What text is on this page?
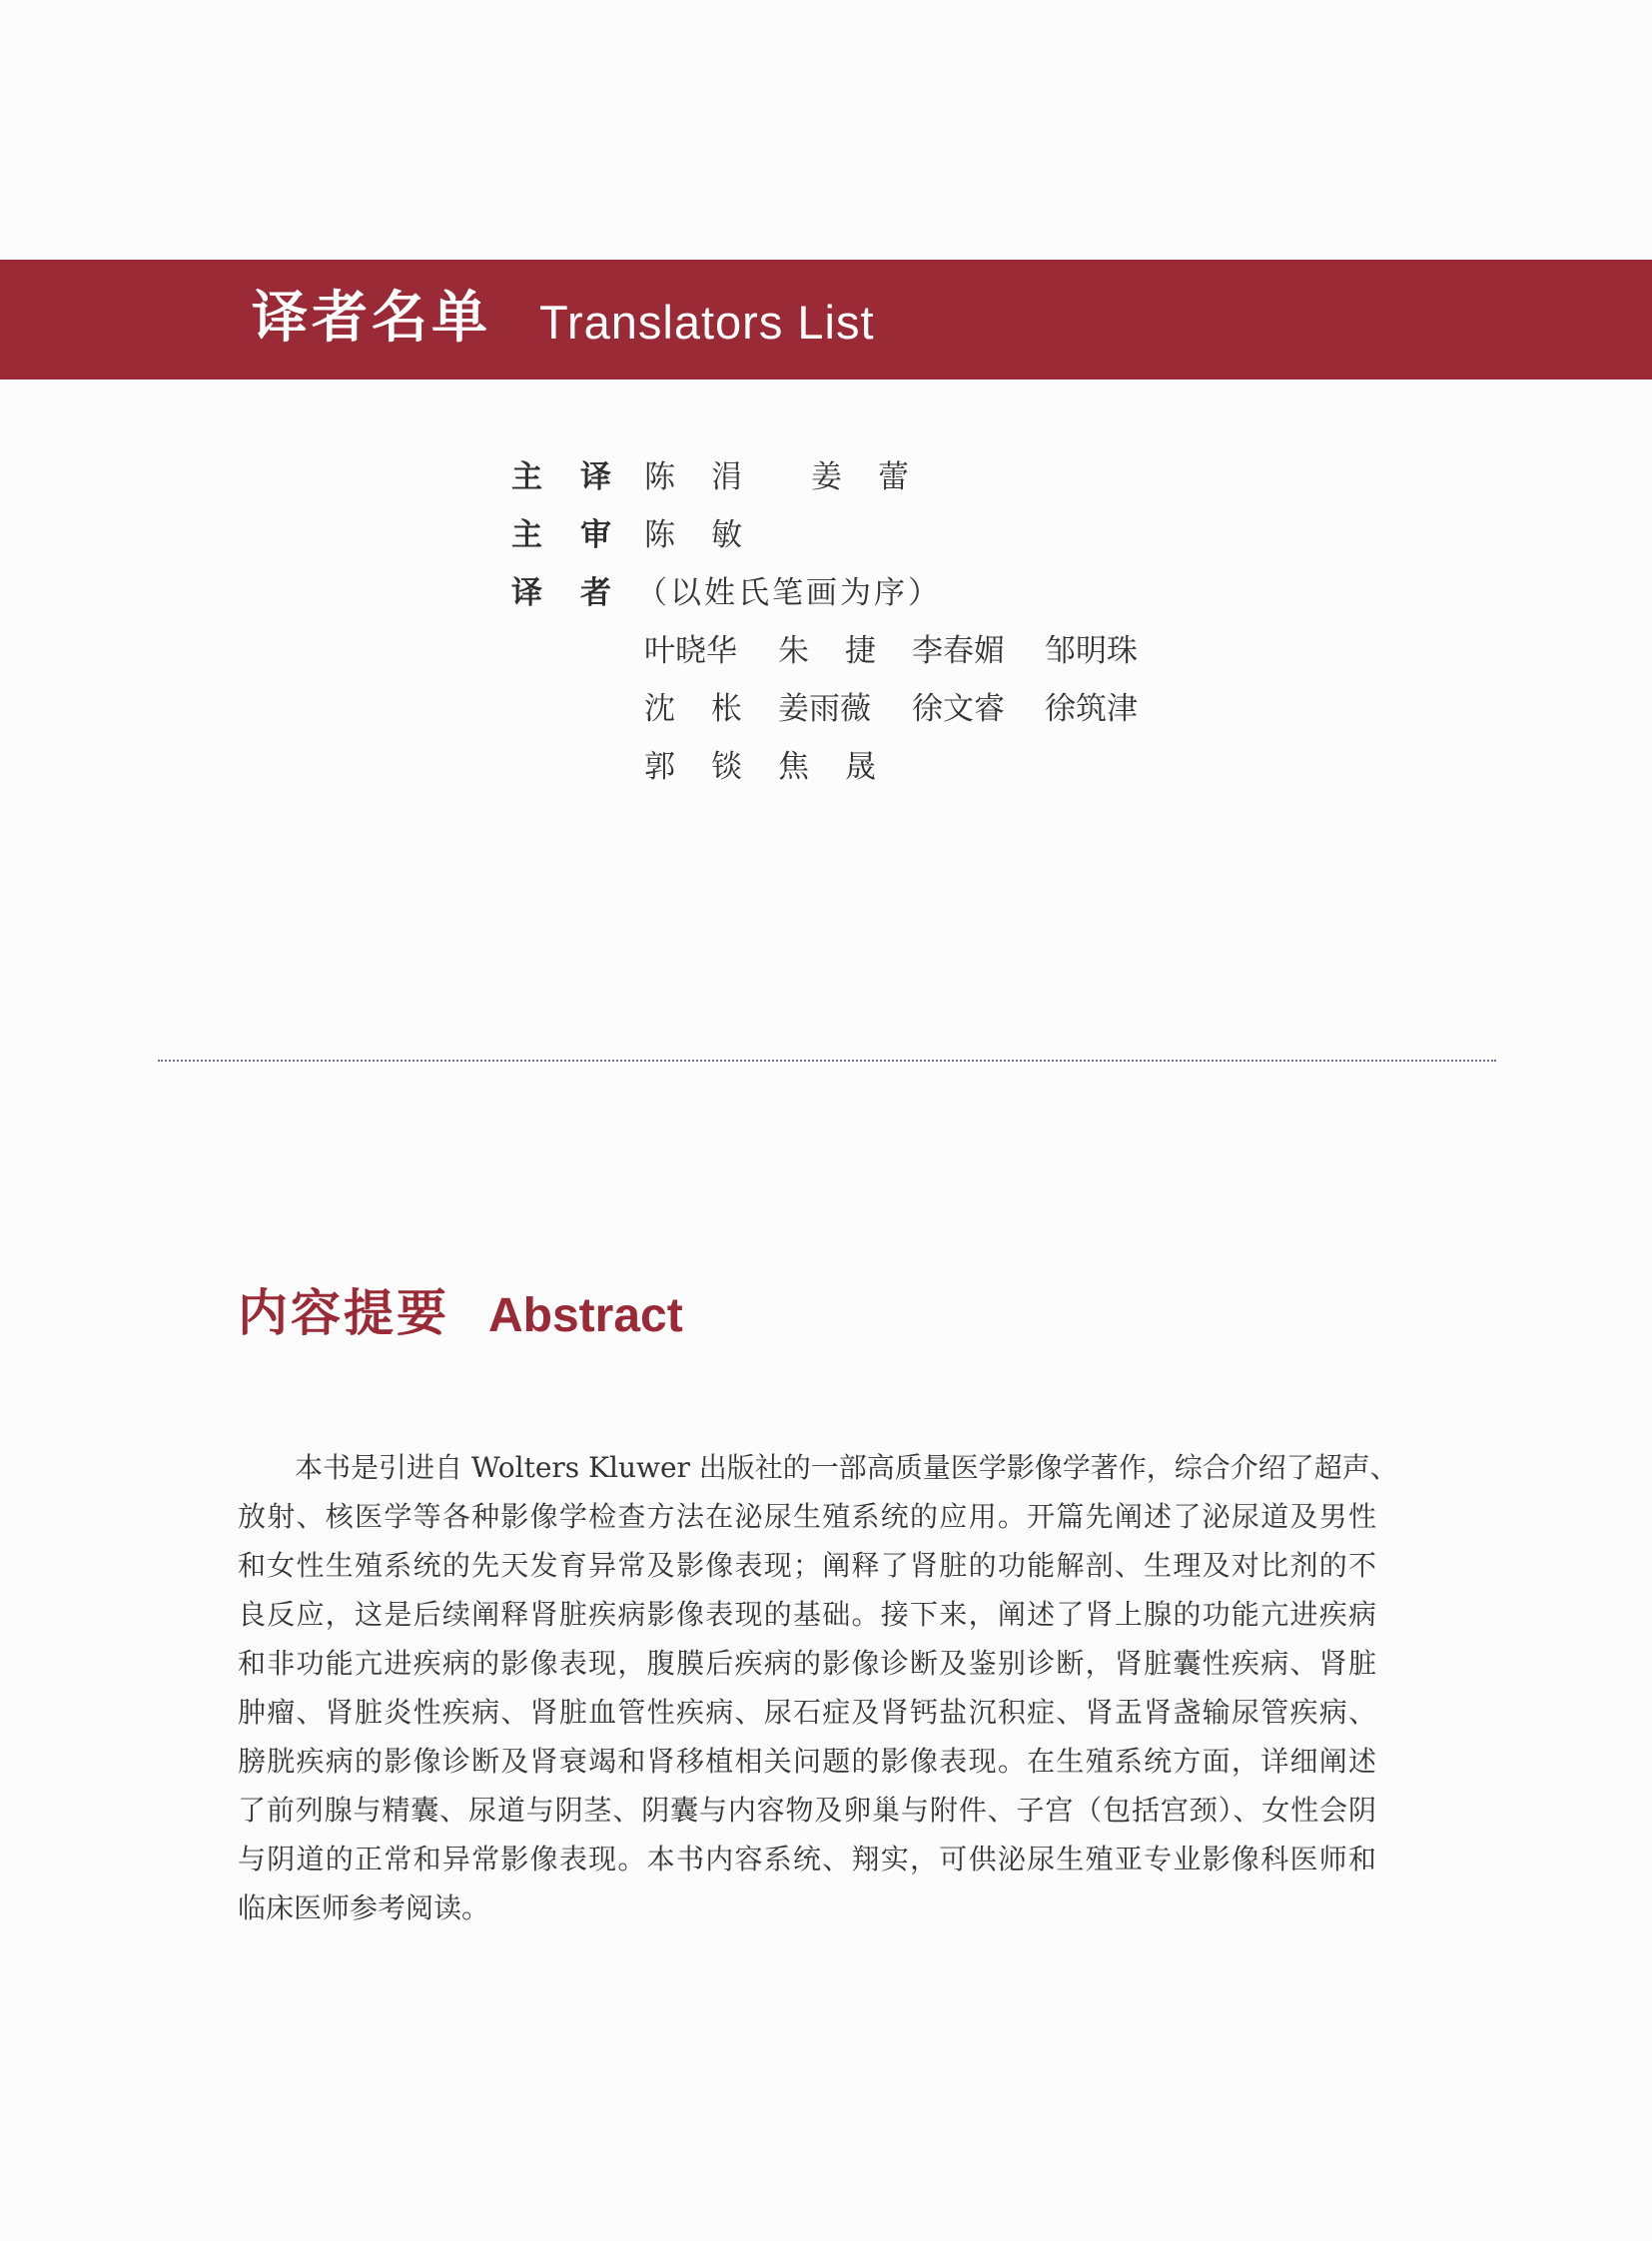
译者名单 Translators List
主 译 陈 涓 姜 蕾
主 审 陈 敏
译 者 （以姓氏笔画为序）
叶晓华 朱 捷 李春媚 邹明珠
沈 枨 姜雨薇 徐文睿 徐筑津
郭 锬 焦 晟
内容提要 Abstract
本书是引进自 Wolters Kluwer 出版社的一部高质量医学影像学著作，综合介绍了超声、
放射、核医学等各种影像学检查方法在泌尿生殖系统的应用。开篇先阐述了泌尿道及男性
和女性生殖系统的先天发育异常及影像表现；阐释了肾脏的功能解剖、生理及对比剂的不
良反应，这是后续阐释肾脏疾病影像表现的基础。接下来，阐述了肾上腺的功能亢进疾病
和非功能亢进疾病的影像表现，腹膜后疾病的影像诊断及鉴别诊断，肾脏囊性疾病、肾脏
肿瘤、肾脏炎性疾病、肾脏血管性疾病、尿石症及肾钙盐沉积症、肾盂肾盏输尿管疾病、
膀胱疾病的影像诊断及肾衰竭和肾移植相关问题的影像表现。在生殖系统方面，详细阐述
了前列腺与精囊、尿道与阴茎、阴囊与内容物及卵巢与附件、子宫（包括宫颈）、女性会阴
与阴道的正常和异常影像表现。本书内容系统、翔实，可供泌尿生殖亚专业影像科医师和
临床医师参考阅读。
